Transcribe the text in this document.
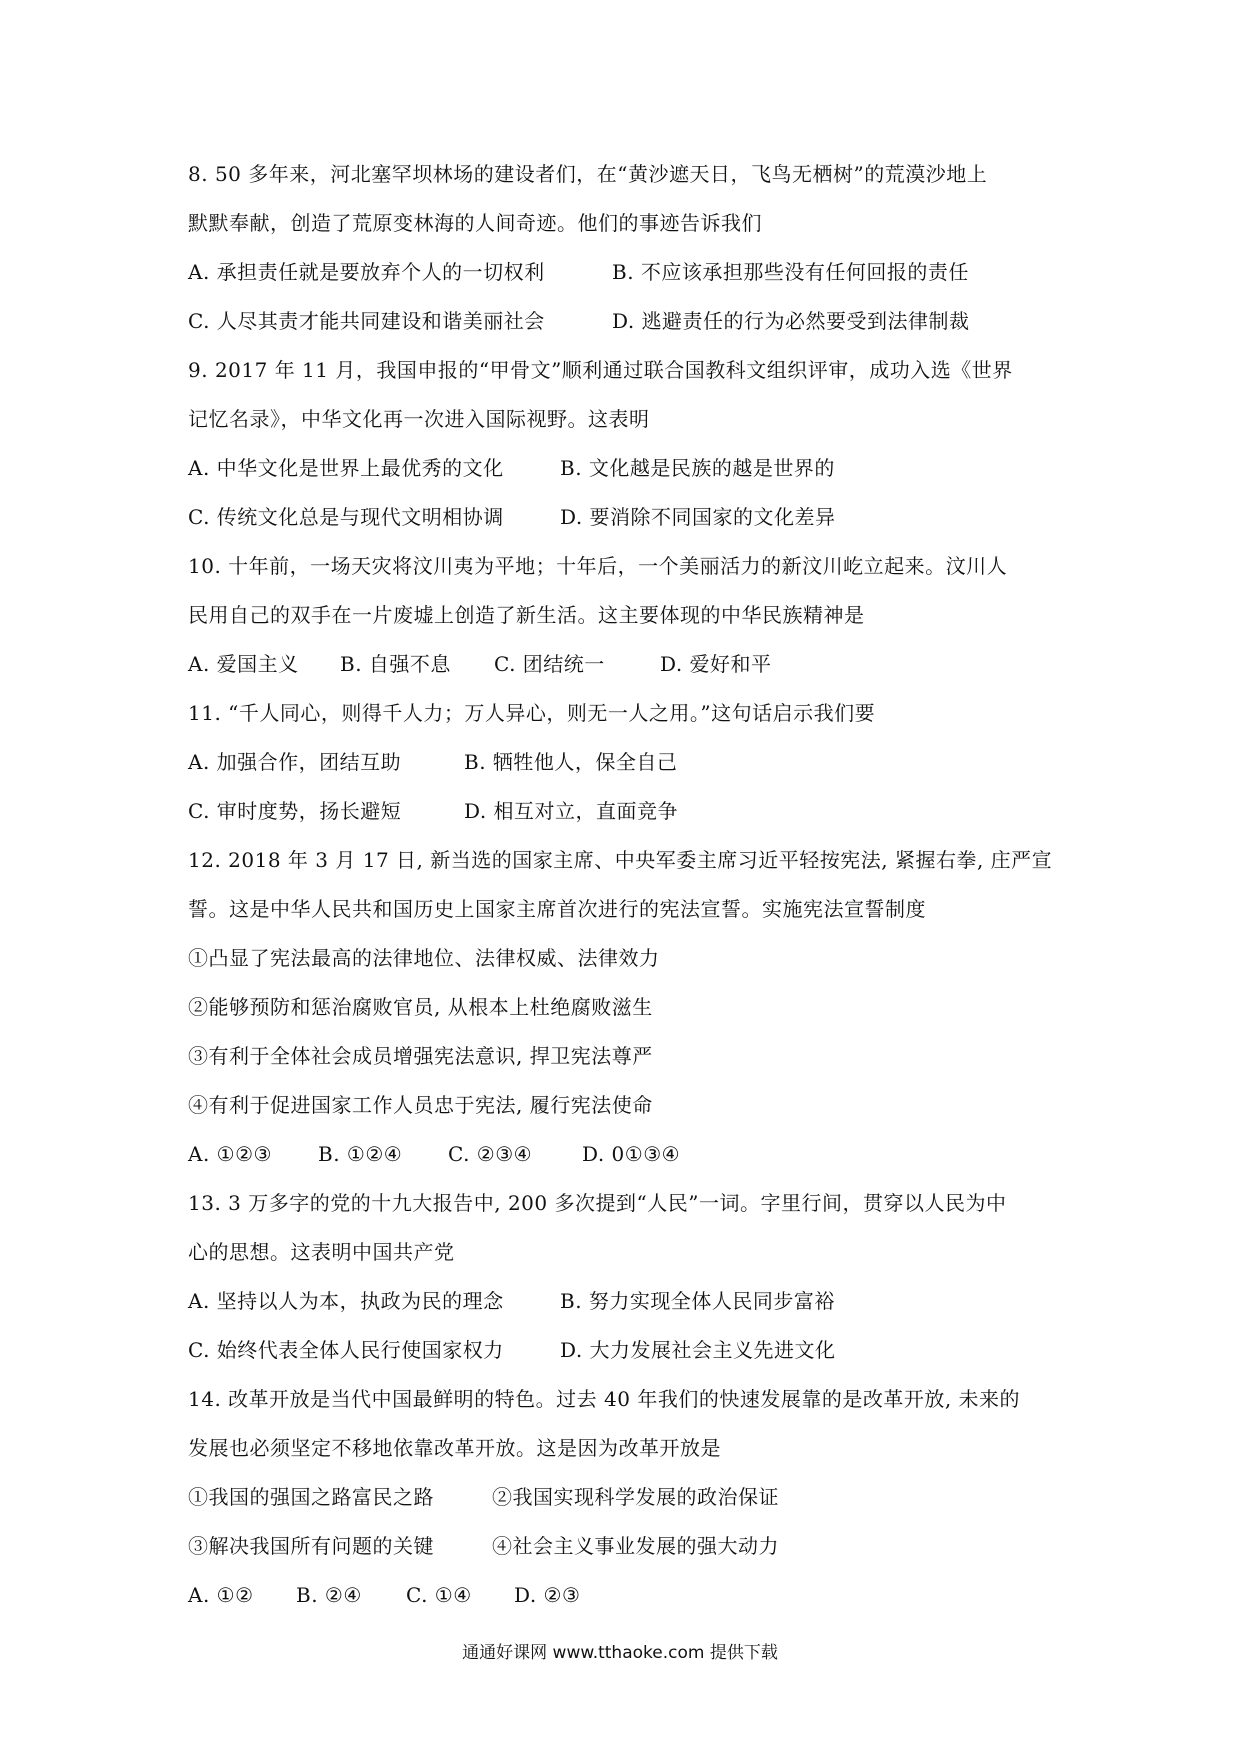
8. 50 多年来，河北塞罕坝林场的建设者们，在“黄沙遮天日，飞鸟无栖树”的荒漠沙地上
默默奉献，创造了荒原变林海的人间奇迹。他们的事迹告诉我们
A. 承担责任就是要放弃个人的一切权利	B. 不应该承担那些没有任何回报的责任
C. 人尽其责才能共同建设和谐美丽社会	D. 逃避责任的行为必然要受到法律制裁
9. 2017 年 11 月，我国申报的“甲骨文”顺利通过联合国教科文组织评审，成功入选《世界
记忆名录》，中华文化再一次进入国际视野。这表明
A. 中华文化是世界上最优秀的文化	B. 文化越是民族的越是世界的
C. 传统文化总是与现代文明相协调	D. 要消除不同国家的文化差异
10. 十年前，一场天灾将汶川夷为平地；十年后，一个美丽活力的新汶川屹立起来。汶川人
民用自己的双手在一片废墟上创造了新生活。这主要体现的中华民族精神是
A. 爱国主义	B. 自强不息	C. 团结统一	D. 爱好和平
11. “千人同心，则得千人力；万人异心，则无一人之用。”这句话启示我们要
A. 加强合作，团结互助	B. 牺牲他人，保全自己
C. 审时度势，扬长避短	D. 相互对立，直面竞争
12. 2018 年 3 月 17 日, 新当选的国家主席、中央军委主席习近平轻按宪法, 紧握右拳, 庄严宣
誓。这是中华人民共和国历史上国家主席首次进行的宪法宣誓。实施宪法宣誓制度
①凸显了宪法最高的法律地位、法律权威、法律效力
②能够预防和惩治腐败官员, 从根本上杜绝腐败滋生
③有利于全体社会成员增强宪法意识, 捍卫宪法尊严
④有利于促进国家工作人员忠于宪法, 履行宪法使命
A. ①②③	B. ①②④	C. ②③④	D. 0①③④
13. 3 万多字的党的十九大报告中, 200 多次提到“人民”一词。字里行间，贯穿以人民为中
心的思想。这表明中国共产党
A. 坚持以人为本，执政为民的理念	B. 努力实现全体人民同步富裕
C. 始终代表全体人民行使国家权力	D. 大力发展社会主义先进文化
14. 改革开放是当代中国最鲜明的特色。过去 40 年我们的快速发展靠的是改革开放, 未来的
发展也必须坚定不移地依靠改革开放。这是因为改革开放是
①我国的强国之路富民之路	②我国实现科学发展的政治保证
③解决我国所有问题的关键	④社会主义事业发展的强大动力
A. ①②	B. ②④	C. ①④	D. ②③
通通好课网 www.tthaoke.com 提供下载
